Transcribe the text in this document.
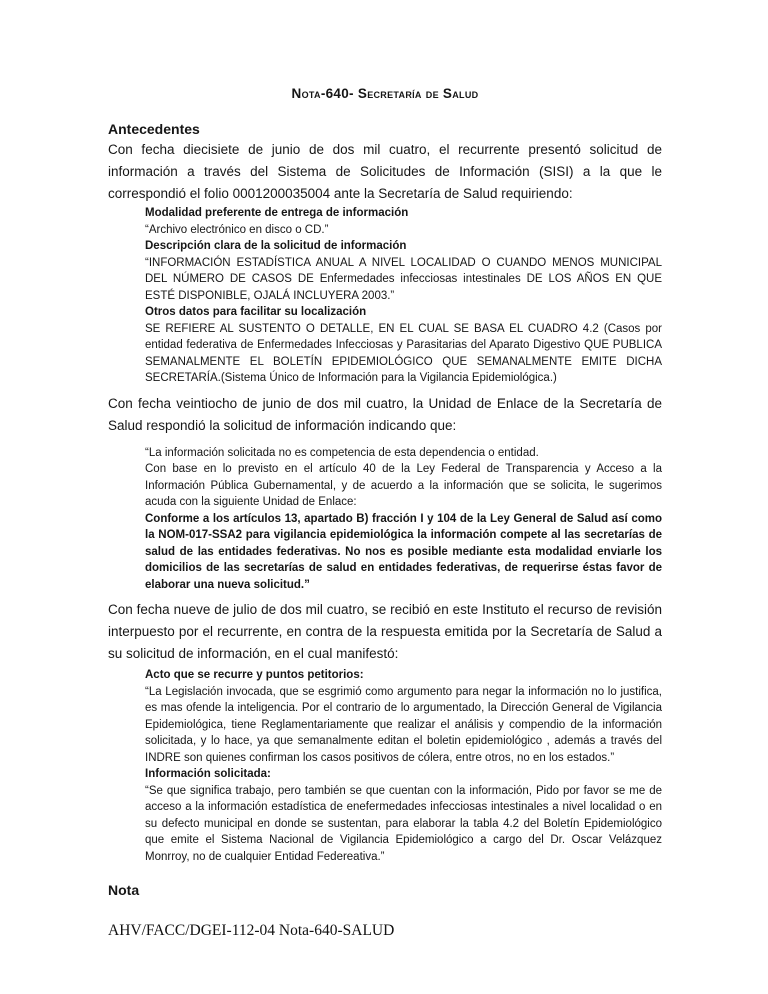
Nota-640- Secretaría de Salud
Antecedentes

Con fecha diecisiete de junio de dos mil cuatro, el recurrente presentó solicitud de información a través del Sistema de Solicitudes de Información (SISI) a la que le correspondió el folio 0001200035004 ante la Secretaría de Salud requiriendo:

Modalidad preferente de entrega de información

“Archivo electrónico en disco o CD.”

Descripción clara de la solicitud de información

“INFORMACIÓN ESTADÍSTICA ANUAL A NIVEL LOCALIDAD O CUANDO MENOS MUNICIPAL DEL NÚMERO DE CASOS DE Enfermedades infecciosas intestinales DE LOS AÑOS EN QUE ESTÉ DISPONIBLE, OJALÁ INCLUYERA 2003.”

Otros datos para facilitar su localización

SE REFIERE AL SUSTENTO O DETALLE, EN EL CUAL SE BASA EL CUADRO 4.2 (Casos por entidad federativa de Enfermedades Infecciosas y Parasitarias del Aparato Digestivo QUE PUBLICA SEMANALMENTE EL BOLETÍN EPIDEMIOLÓGICO QUE SEMANALMENTE EMITE DICHA SECRETARÍA.(Sistema Único de Información para la Vigilancia Epidemiológica.)

Con fecha veintiocho de junio de dos mil cuatro, la Unidad de Enlace de la Secretaría de Salud respondió la solicitud de información indicando que:

“La información solicitada no es competencia de esta dependencia o entidad.

Con base en lo previsto en el artículo 40 de la Ley Federal de Transparencia y Acceso a la Información Pública Gubernamental, y de acuerdo a la información que se solicita, le sugerimos acuda con la siguiente Unidad de Enlace:

Conforme a los artículos 13, apartado B) fracción I y 104 de la Ley General de Salud así como la NOM-017-SSA2 para vigilancia epidemiológica la información compete al las secretarías de salud de las entidades federativas. No nos es posible mediante esta modalidad enviarle los domicilios de las secretarías de salud en entidades federativas, de requerirse éstas favor de elaborar una nueva solicitud.”

Con fecha nueve de julio de dos mil cuatro, se recibió en este Instituto el recurso de revisión interpuesto por el recurrente, en contra de la respuesta emitida por la Secretaría de Salud a su solicitud de información, en el cual manifestó:

Acto que se recurre y puntos petitorios:

“La Legislación invocada, que se esgrimió como argumento para negar la información no lo justifica, es mas ofende la inteligencia. Por el contrario de lo argumentado, la Dirección General de Vigilancia Epidemiológica, tiene Reglamentariamente que realizar el análisis y compendio de la información solicitada, y lo hace, ya que semanalmente editan el boletin epidemiológico , además a través del INDRE son quienes confirman los casos positivos de cólera, entre otros, no en los estados.”

Información solicitada:

“Se que significa trabajo, pero también se que cuentan con la información, Pido por favor se me de acceso a la información estadística de enefermedades infecciosas intestinales a nivel localidad o en su defecto municipal en donde se sustentan, para elaborar la tabla 4.2 del Boletín Epidemiológico que emite el Sistema Nacional de Vigilancia Epidemiológico a cargo del Dr. Oscar Velázquez Monrroy, no de cualquier Entidad Federeativa.”

Nota
AHV/FACC/DGEI-112-04 Nota-640-SALUD
